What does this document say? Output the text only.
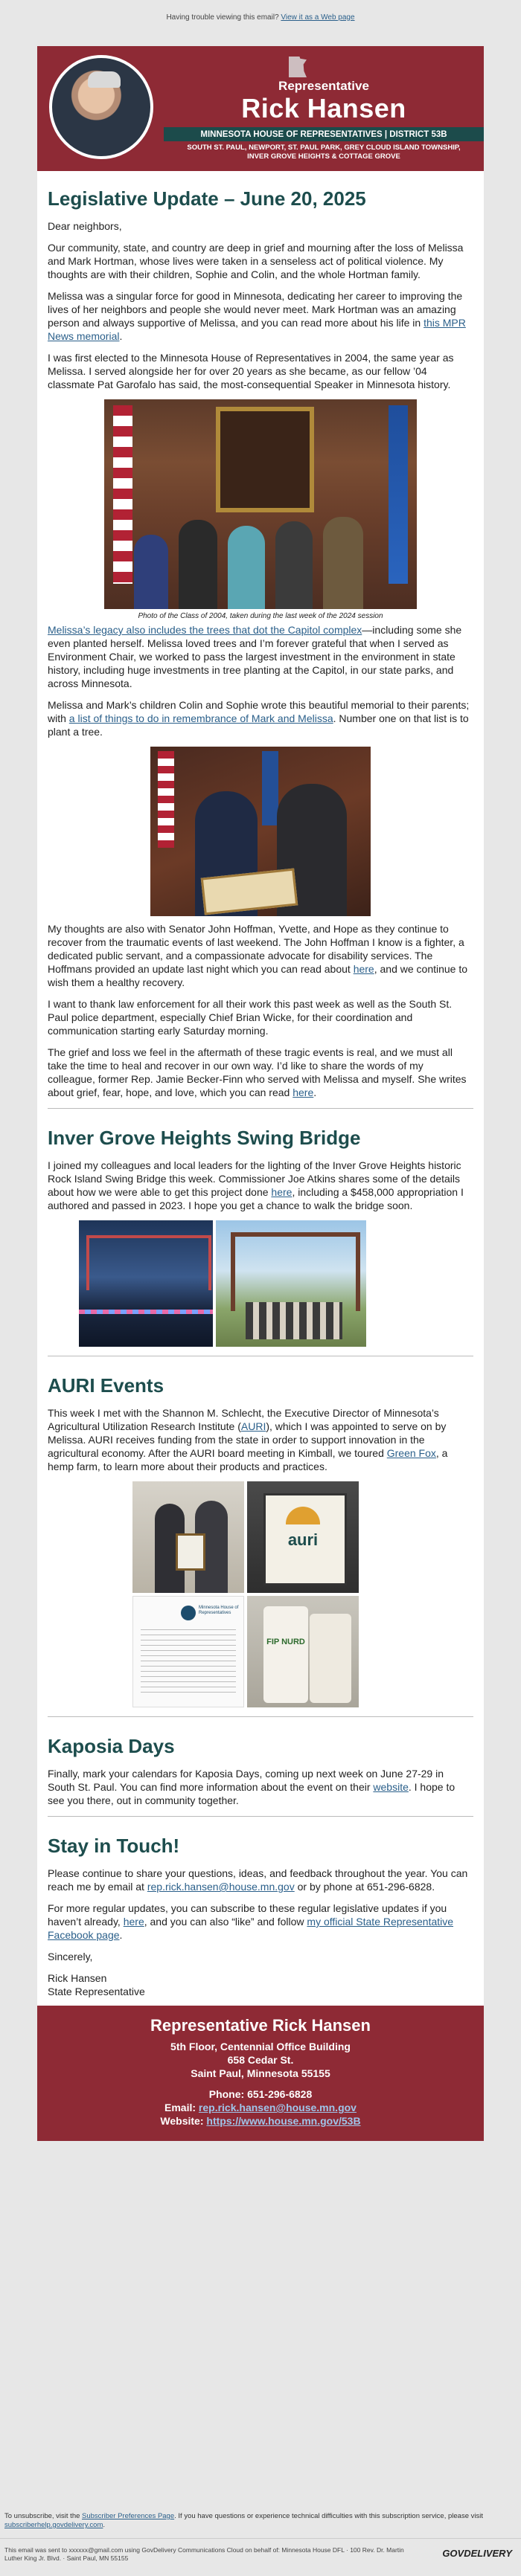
Having trouble viewing this email?
View it as a Web page
Representative
Rick Hansen
MINNESOTA HOUSE OF REPRESENTATIVES | DISTRICT 53B
SOUTH ST. PAUL, NEWPORT, ST. PAUL PARK, GREY CLOUD ISLAND TOWNSHIP,
INVER GROVE HEIGHTS & COTTAGE GROVE
Legislative Update – June 20, 2025

Dear neighbors,

Our community, state, and country are deep in grief and mourning after the loss of Melissa and Mark Hortman, whose lives were taken in a senseless act of political violence. My thoughts are with their children, Sophie and Colin, and the whole Hortman family.

Melissa was a singular force for good in Minnesota, dedicating her career to improving the lives of her neighbors and people she would never meet. Mark Hortman was an amazing person and always supportive of Melissa, and you can read more about his life in this MPR News memorial.

I was first elected to the Minnesota House of Representatives in 2004, the same year as Melissa. I served alongside her for over 20 years as she became, as our fellow ’04 classmate Pat Garofalo has said, the most-consequential Speaker in Minnesota history.

Photo of the Class of 2004, taken during the last week of the 2024 session

Melissa’s legacy also includes the trees that dot the Capitol complex—including some she even planted herself. Melissa loved trees and I’m forever grateful that when I served as Environment Chair, we worked to pass the largest investment in the environment in state history, including huge investments in tree planting at the Capitol, in our state parks, and across Minnesota.

Melissa and Mark’s children Colin and Sophie wrote this beautiful memorial to their parents; with a list of things to do in remembrance of Mark and Melissa. Number one on that list is to plant a tree.

My thoughts are also with Senator John Hoffman, Yvette, and Hope as they continue to recover from the traumatic events of last weekend. The John Hoffman I know is a fighter, a dedicated public servant, and a compassionate advocate for disability services. The Hoffmans provided an update last night which you can read about here, and we continue to wish them a healthy recovery.

I want to thank law enforcement for all their work this past week as well as the South St. Paul police department, especially Chief Brian Wicke, for their coordination and communication starting early Saturday morning.

The grief and loss we feel in the aftermath of these tragic events is real, and we must all take the time to heal and recover in our own way. I’d like to share the words of my colleague, former Rep. Jamie Becker-Finn who served with Melissa and myself. She writes about grief, fear, hope, and love, which you can read here.

Inver Grove Heights Swing Bridge

I joined my colleagues and local leaders for the lighting of the Inver Grove Heights historic Rock Island Swing Bridge this week. Commissioner Joe Atkins shares some of the details about how we were able to get this project done here, including a $458,000 appropriation I authored and passed in 2023. I hope you get a chance to walk the bridge soon.

AURI Events

This week I met with the Shannon M. Schlecht, the Executive Director of Minnesota’s Agricultural Utilization Research Institute (AURI), which I was appointed to serve on by Melissa. AURI receives funding from the state in order to support innovation in the agricultural economy. After the AURI board meeting in Kimball, we toured Green Fox, a hemp farm, to learn more about their products and practices.

auri
Minnesota House of Representatives
FIP NURD
Kaposia Days

Finally, mark your calendars for Kaposia Days, coming up next week on June 27-29 in South St. Paul. You can find more information about the event on their website. I hope to see you there, out in community together.

Stay in Touch!

Please continue to share your questions, ideas, and feedback throughout the year. You can reach me by email at rep.rick.hansen@house.mn.gov or by phone at 651-296-6828.

For more regular updates, you can subscribe to these regular legislative updates if you haven’t already, here, and you can also “like” and follow my official State Representative Facebook page.

Sincerely,

Rick Hansen
State Representative

Representative Rick Hansen
5th Floor, Centennial Office Building
658 Cedar St.
Saint Paul, Minnesota 55155
Phone: 651-296-6828
Email: rep.rick.hansen@house.mn.gov
Website: https://www.house.mn.gov/53B
To unsubscribe, visit the Subscriber Preferences Page. If you have questions or experience technical difficulties with this subscription service, please visit subscriberhelp.govdelivery.com.
This email was sent to xxxxxx@gmail.com using GovDelivery Communications Cloud on behalf of: Minnesota House DFL · 100 Rev. Dr. Martin Luther King Jr. Blvd. · Saint Paul, MN 55155	GOVDELIVERY
